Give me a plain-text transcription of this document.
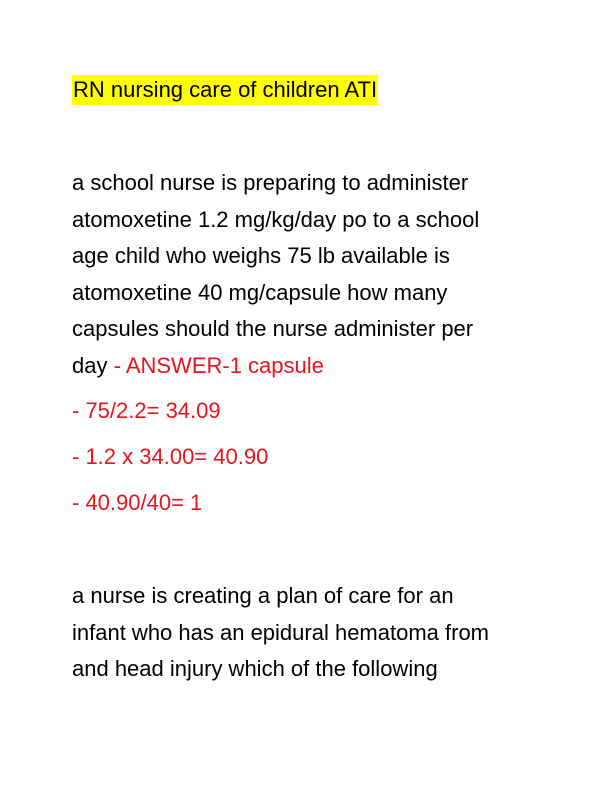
RN nursing care of children ATI
a school nurse is preparing to administer
atomoxetine 1.2 mg/kg/day po to a school
age child who weighs 75 lb available is
atomoxetine 40 mg/capsule how many
capsules should the nurse administer per
day - ANSWER-1 capsule
- 75/2.2= 34.09
- 1.2 x 34.00= 40.90
- 40.90/40= 1
a nurse is creating a plan of care for an
infant who has an epidural hematoma from
and head injury which of the following
